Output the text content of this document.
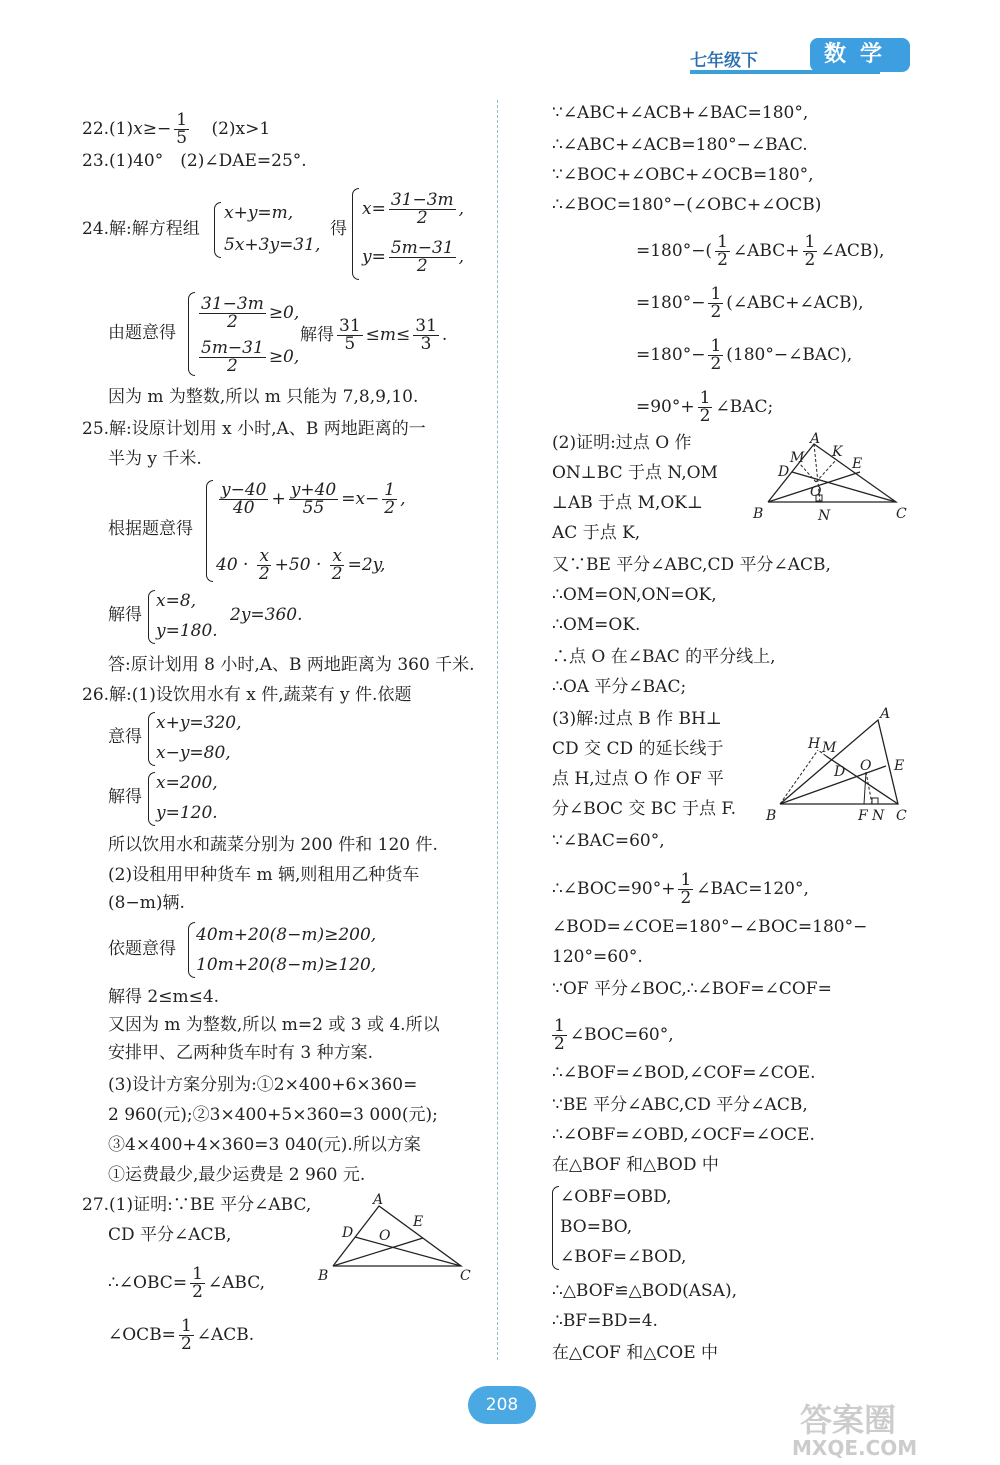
七年级下	数学
$22.(1)x\ge- \frac{1}{5} (2)x>1$
23.(1)40°　(2)∠DAE=25°.
24.解:解方程组
x+y=m,
5x+3y=31,
得
$x= \frac{31-3m}{2}$ ,
$y= \frac{5m-31}{2}$ ,
由题意得
$\frac{31-3m}{2} \ge 0$,
$\frac{5m-31}{2} \ge 0$,
解得 $\frac{31}{5} \le m\le \frac{31}{3}$ .
因为 m 为整数,所以 m 只能为 7,8,9,10.
25.解:设原计划用 x 小时,A、B 两地距离的一
半为 y 千米.
根据题意得
$\frac{y-40}{40} + \frac{y+40}{55} =x- \frac{1}{2}$ ,
$40 \cdot \frac{x}{2} +50 \cdot \frac{x}{2} =2y$,
解得
x=8,
y=180.
2y=360.
答:原计划用 8 小时,A、B 两地距离为 360 千米.
26.解:(1)设饮用水有 x 件,蔬菜有 y 件.依题
意得
x+y=320,
x−y=80,
解得
x=200,
y=120.
所以饮用水和蔬菜分别为 200 件和 120 件.
(2)设租用甲种货车 m 辆,则租用乙种货车
(8−m)辆.
依题意得
40m+20(8−m)≥200,
10m+20(8−m)≥120,
解得 2≤m≤4.
又因为 m 为整数,所以 m=2 或 3 或 4.所以
安排甲、乙两种货车时有 3 种方案.
(3)设计方案分别为:①2×400+6×360=
2 960(元);②3×400+5×360=3 000(元);
③4×400+4×360=3 040(元).所以方案
①运费最少,最少运费是 2 960 元.
27.(1)证明:∵BE 平分∠ABC,
CD 平分∠ACB,
∴∠OBC= $\frac{1}{2}$ ∠ABC,
∠OCB= $\frac{1}{2}$ ∠ACB.
A
D
E
O
B	C
∵∠ABC+∠ACB+∠BAC=180°,
∴∠ABC+∠ACB=180°−∠BAC.
∵∠BOC+∠OBC+∠OCB=180°,
∴∠BOC=180°−(∠OBC+∠OCB)
$=180^\circ-( \frac{1}{2}$ ∠ABC+ $\frac{1}{2}$ ∠ACB),
$=180^\circ- \frac{1}{2}$ (∠ABC+∠ACB),
$=180^\circ- \frac{1}{2}$ (180°−∠BAC),
$=90^\circ+ \frac{1}{2}$ ∠BAC;
(2)证明:过点 O 作
ON⊥BC 于点 N,OM
⊥AB 于点 M,OK⊥
AC 于点 K,
A
M K
E
D
O
B	N	C
又∵BE 平分∠ABC,CD 平分∠ACB,
∴OM=ON,ON=OK,
∴OM=OK.
∴点 O 在∠BAC 的平分线上,
∴OA 平分∠BAC;
(3)解:过点 B 作 BH⊥
CD 交 CD 的延长线于
点 H,过点 O 作 OF 平
分∠BOC 交 BC 于点 F.
A
H M
D O E
B	F N C
∵∠BAC=60°,
∴∠BOC=90°+ $\frac{1}{2}$ ∠BAC=120°,
∠BOD=∠COE=180°−∠BOC=180°−
120°=60°.
∵OF 平分∠BOC,∴∠BOF=∠COF=
$\frac{1}{2}$ ∠BOC=60°,
∴∠BOF=∠BOD,∠COF=∠COE.
∵BE 平分∠ABC,CD 平分∠ACB,
∴∠OBF=∠OBD,∠OCF=∠OCE.
在△BOF 和△BOD 中
∠OBF=OBD,
BO=BO,
∠BOF=∠BOD,
∴△BOF≌△BOD(ASA),
∴BF=BD=4.
在△COF 和△COE 中
208	答案圈
MXQE.COM
